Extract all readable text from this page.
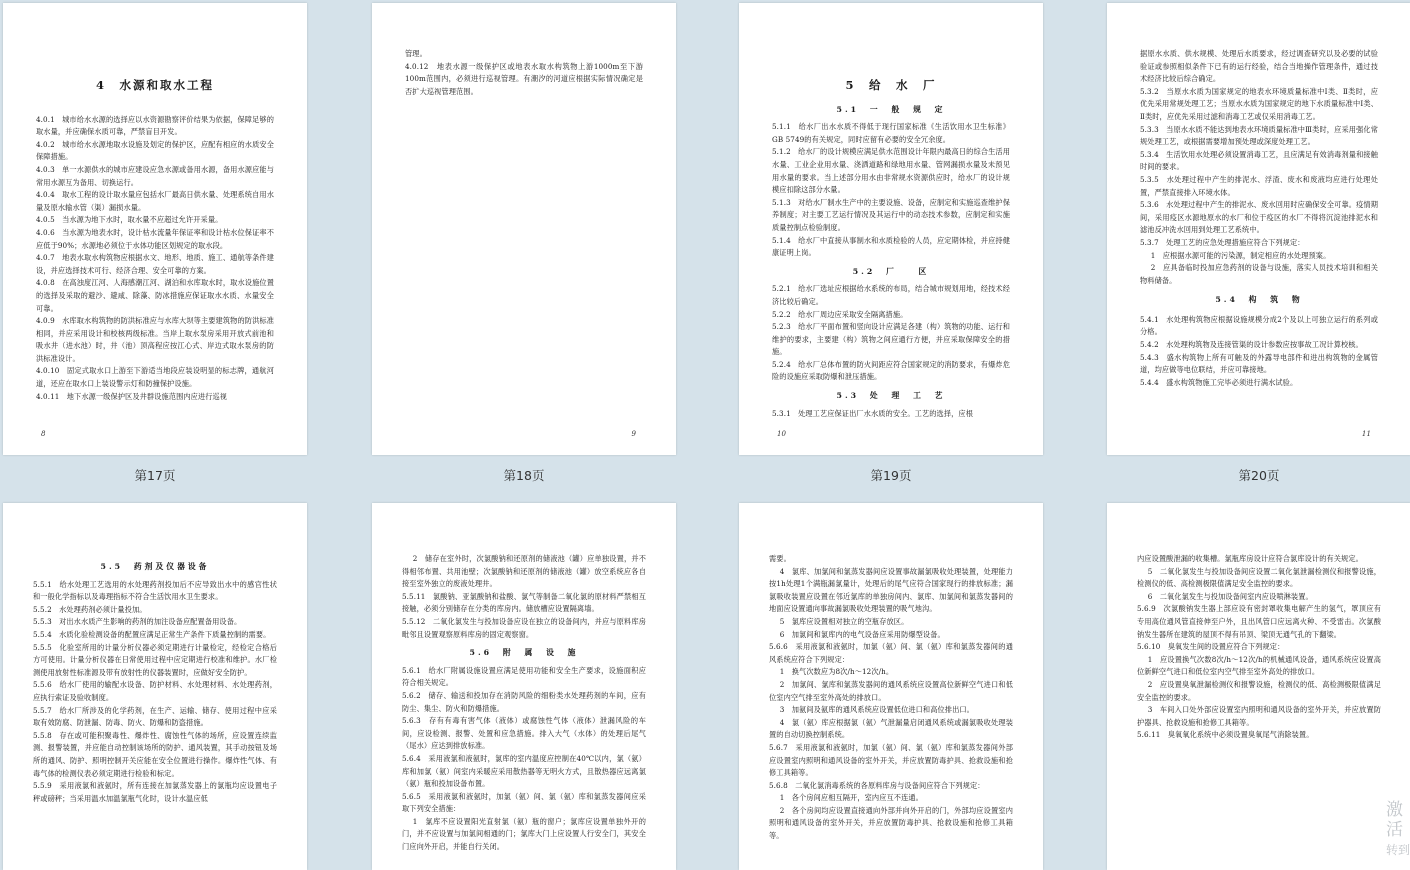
4　水源和取水工程

4.0.1　城市给水水源的选择应以水资源勘察评价结果为依据，保障足够的取水量，并应确保水质可靠，严禁盲目开发。

4.0.2　城市给水水源地取水设施及划定的保护区，应配有相应的水质安全保障措施。

4.0.3　单一水源供水的城市应建设应急水源或备用水源，备用水源应能与常用水源互为备用、切换运行。

4.0.4　取水工程的设计取水量应包括水厂最高日供水量、处理系统自用水量及原水输水管（渠）漏损水量。

4.0.5　当水源为地下水时，取水量不应超过允许开采量。

4.0.6　当水源为地表水时，设计枯水流量年保证率和设计枯水位保证率不应低于90%；水源地必须位于水体功能区划规定的取水段。

4.0.7　地表水取水构筑物应根据水文、地形、地质、施工、通航等条件建设，并应选择技术可行、经济合理、安全可靠的方案。

4.0.8　在高浊度江河、人海感潮江河、湖泊和水库取水时，取水设施位置的选择及采取的避沙、避咸、除藻、防冰措施应保证取水水质、水量安全可靠。

4.0.9　水库取水构筑物的防洪标准应与水库大坝等主要建筑物的防洪标准相同，并应采用设计和校核两级标准。当岸上取水泵房采用开放式前池和吸水井（进水池）时，井（池）顶高程应按江心式、岸边式取水泵房的防洪标准设计。

4.0.10　固定式取水口上游至下游适当地段应装设明显的标志牌，通航河道，还应在取水口上装设警示灯和防撞保护设施。

4.0.11　地下水源一级保护区及井群设施范围内应进行巡视

8
第17页

管理。

4.0.12　地表水源一级保护区或地表水取水构筑物上游1000m至下游100m范围内，必须进行巡视管理。有潮汐的河道应根据实际情况确定是否扩大巡视管理范围。

9
第18页
5　给　水　厂
5.1　一　般　规　定

5.1.1　给水厂出水水质不得低于现行国家标准《生活饮用水卫生标准》GB 5749的有关规定，同时应留有必要的安全冗余度。

5.1.2　给水厂的设计规模应满足供水范围设计年限内最高日的综合生活用水量、工业企业用水量、浇洒道路和绿地用水量、管网漏损水量及未预见用水量的要求。当上述部分用水由非常规水资源供应时，给水厂的设计规模应扣除这部分水量。

5.1.3　对给水厂制水生产中的主要设施、设备，应制定和实施巡查维护保养制度；对主要工艺运行情况及其运行中的动态技术参数，应制定和实施质量控制点检验制度。

5.1.4　给水厂中直接从事制水和水质检验的人员，应定期体检，并应持健康证明上岗。

5.2　厂　　区

5.2.1　给水厂选址应根据给水系统的布局，结合城市规划用地，经技术经济比较后确定。

5.2.2　给水厂周边应采取安全隔离措施。

5.2.3　给水厂平面布置和竖向设计应满足各建（构）筑物的功能、运行和维护的要求，主要建（构）筑物之间应通行方便，并应采取保障安全的措施。

5.2.4　给水厂总体布置的防火间距应符合国家规定的消防要求，有爆炸危险的设施应采取防爆和泄压措施。

5.3　处　理　工　艺

5.3.1　处理工艺应保证出厂水水质的安全。工艺的选择，应根

10
第19页

据原水水质、供水规模、处理后水质要求，经过调查研究以及必要的试验验证或参照相似条件下已有的运行经验，结合当地操作管理条件，通过技术经济比较后综合确定。

5.3.2　当原水水质为国家规定的地表水环境质量标准中Ⅰ类、Ⅱ类时，应优先采用常规处理工艺；当原水水质为国家规定的地下水质量标准中Ⅰ类、Ⅱ类时，应优先采用过滤和消毒工艺或仅采用消毒工艺。

5.3.3　当原水水质不能达到地表水环境质量标准中Ⅲ类时，应采用强化常规处理工艺，或根据需要增加预处理或深度处理工艺。

5.3.4　生活饮用水处理必须设置消毒工艺，且应满足有效消毒剂量和接触时间的要求。

5.3.5　水处理过程中产生的排泥水、浮渣、废水和废液均应进行处理处置，严禁直接排入环境水体。

5.3.6　水处理过程中产生的排泥水、废水回用时应确保安全可靠。疫情期间，采用疫区水源地原水的水厂和位于疫区的水厂不得将沉淀池排泥水和滤池反冲洗水回用到处理工艺系统中。

5.3.7　处理工艺的应急处理措施应符合下列规定：

1　应根据水源可能的污染源，制定相应的水处理预案。

2　应具备临时投加应急药剂的设备与设施，落实人员技术培训和相关物料储备。

5.4　构　筑　物

5.4.1　水处理构筑物应根据设施规模分成2个及以上可独立运行的系列或分格。

5.4.2　水处理构筑物及连接管渠的设计参数应按事故工况计算校核。

5.4.3　盛水构筑物上所有可触及的外露导电部件和进出构筑物的金属管道，均应做等电位联结，并应可靠接地。

5.4.4　盛水构筑物施工完毕必须进行满水试验。

11
第20页
5.5　药剂及仪器设备

5.5.1　给水处理工艺选用的水处理药剂投加后不应导致出水中的感官性状和一般化学指标以及毒理指标不符合生活饮用水卫生要求。

5.5.2　水处理药剂必须计量投加。

5.5.3　对出水水质产生影响的药剂的加注设备应配置备用设备。

5.5.4　水质化验检测设备的配置应满足正常生产条件下质量控制的需要。

5.5.5　化验室所用的计量分析仪器必须定期进行计量检定，经检定合格后方可使用。计量分析仪器在日常使用过程中应定期进行校准和维护。水厂检测使用放射性标准源及带有放射性的仪器装置时，应做好安全防护。

5.5.6　给水厂使用的输配水设备、防护材料、水处理材料、水处理药剂，应执行索证及验收制度。

5.5.7　给水厂所涉及的化学药剂，在生产、运输、储存、使用过程中应采取有效防腐、防泄漏、防毒、防火、防爆和防盗措施。

5.5.8　存在或可能积聚毒性、爆炸性、腐蚀性气体的场所，应设置连续监测、报警装置，并应能自动控制该场所的防护、通风装置，其手动按钮及场所的通风、防护、照明控制开关应能在安全位置进行操作。爆炸性气体、有毒气体的检测仪表必须定期进行检验和标定。

5.5.9　采用液氯和液氨时，所有连接在加氯蒸发器上的氯瓶均应设置电子秤或磅秤；当采用温水加温氯瓶气化时，设计水温应低

2　储存在室外时，次氯酸钠和还原剂的储液池（罐）应单独设置，并不得相邻布置、共用池壁；次氯酸钠和还原剂的储液池（罐）放空系统应各自接至室外独立的废液处理井。

5.5.11　氯酸钠、亚氯酸钠和盐酸、氯气等制备二氧化氯的原材料严禁相互接触，必须分别储存在分类的库房内。储放槽应设置隔离墙。

5.5.12　二氧化氯发生与投加设备应设在独立的设备间内，并应与原料库房毗邻且设置观察原料库房的固定观察窗。

5.6　附　属　设　施

5.6.1　给水厂附属设施设置应满足使用功能和安全生产要求，设施面积应符合相关规定。

5.6.2　储存、输送和投加存在消防风险的细粉类水处理药剂的车间，应有防尘、集尘、防火和防爆措施。

5.6.3　存有有毒有害气体（液体）或腐蚀性气体（液体）泄漏风险的车间，应设检测、报警、处置和应急措施。排入大气（水体）的处理后尾气（尾水）应达到排放标准。

5.6.4　采用液氯和液氨时，氯库的室内温度应控制在40℃以内，氯（氨）库和加氯（氨）间室内采暖应采用散热器等无明火方式，且散热器应远离氯（氨）瓶和投加设备布置。

5.6.5　采用液氯和液氨时，加氯（氨）间、氯（氨）库和氯蒸发器间应采取下列安全措施：

1　氯库不应设置阳光直射氯（氨）瓶的窗户；氯库应设置单独外开的门，并不应设置与加氯间相通的门；氯库大门上应设置人行安全门，其安全门应向外开启，并能自行关闭。

需要。

4　氯库、加氯间和氯蒸发器间应设置事故漏氯吸收处理装置，处理能力按1h处理1个满瓶漏氯量计，处理后的尾气应符合国家现行的排放标准；漏氯吸收装置应设置在邻近氯库的单独房间内、氯库、加氯间和氯蒸发器间的地面应设置通向事故漏氯吸收处理装置的吸气地沟。

5　氯库应设置相对独立的空瓶存放区。

6　加氯间和氯库内的电气设备应采用防爆型设备。

5.6.6　采用液氯和液氨时，加氯（氨）间、氯（氨）库和氯蒸发器间的通风系统应符合下列规定：

1　换气次数应为8次/h～12次/h。

2　加氯间、氯库和氯蒸发器间的通风系统应设置高位新鲜空气进口和低位室内空气排至室外高处的排放口。

3　加氨间及氨库的通风系统应设置低位进口和高位排出口。

4　氯（氨）库应根据氯（氨）气泄漏量启闭通风系统或漏氯吸收处理装置的自动切换控制系统。

5.6.7　采用液氯和液氨时，加氯（氨）间、氯（氨）库和氯蒸发器间外部应设置室内照明和通风设备的室外开关，并应放置防毒护具、抢救设施和抢修工具箱等。

5.6.8　二氧化氯消毒系统的各原料库房与设备间应符合下列规定：

1　各个房间应相互隔开，室内应互不连通。

2　各个房间均应设置直接通向外部并向外开启的门，外部均应设置室内照明和通风设备的室外开关，并应放置防毒护具、抢救设施和抢修工具箱等。

内应设置酸泄漏的收集槽。氯瓶库房设计应符合氯库设计的有关规定。

5　二氧化氯发生与投加设备间应设置二氧化氯泄漏检测仪和报警设施，检测仪的低、高检测极限值满足安全监控的要求。

6　二氧化氯发生与投加设备间室内应设喷淋装置。

5.6.9　次氯酸钠发生器上部应设有密封罩收集电解产生的氢气，罩顶应有专用高位通风管直接伸至户外，且出风管口应远离火种、不受雷击。次氯酸钠发生器所在建筑的屋顶不得有吊顶、梁顶无通气孔的下翻梁。

5.6.10　臭氧发生间的设置应符合下列规定：

1　应设置换气次数8次/h～12次/h的机械通风设备，通风系统应设置高位新鲜空气进口和低位室内空气排至室外高处的排放口。

2　应设置臭氧泄漏检测仪和报警设施，检测仪的低、高检测极限值满足安全监控的要求。

3　车间入口处外部应设置室内照明和通风设备的室外开关，并应放置防护器具、抢救设施和抢修工具箱等。

5.6.11　臭氧氧化系统中必须设置臭氧尾气消除装置。

激活
转到
